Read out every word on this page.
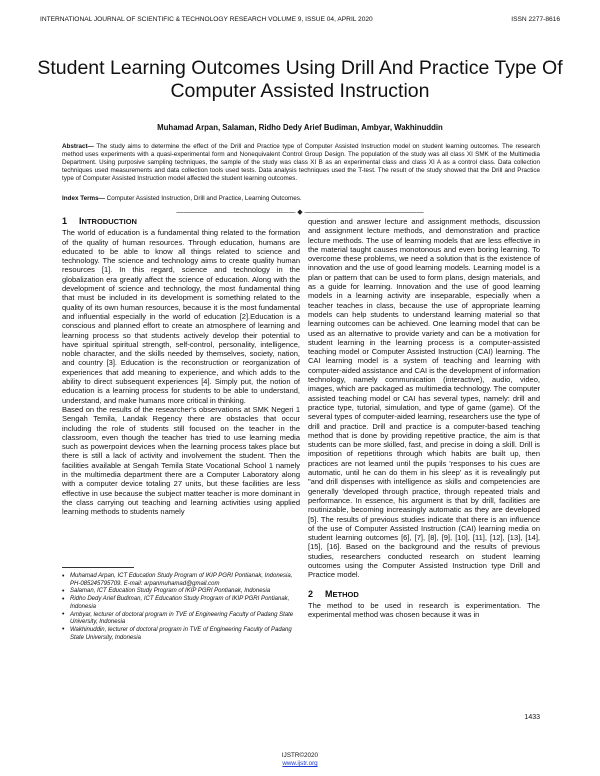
INTERNATIONAL JOURNAL OF SCIENTIFIC & TECHNOLOGY RESEARCH VOLUME 9, ISSUE 04, APRIL 2020	ISSN 2277-8616
Student Learning Outcomes Using Drill And Practice Type Of Computer Assisted Instruction
Muhamad Arpan, Salaman, Ridho Dedy Arief Budiman, Ambyar, Wakhinuddin
Abstract— The study aims to determine the effect of the Drill and Practice type of Computer Assisted Instruction model on student learning outcomes. The research method uses experiments with a quasi-experimental form and Nonequivalent Control Group Design. The population of the study was all class XI SMK of the Multimedia Department. Using purposive sampling techniques, the sample of the study was class XI B as an experimental class and class XI A as a control class. Data collection techniques used measurements and data collection tools used tests. Data analysis techniques used the T-test. The result of the study showed that the Drill and Practice type of Computer Assisted Instruction model affected the student learning outcomes.
Index Terms— Computer Assisted Instruction, Drill and Practice, Learning Outcomes.
————————————————— ◆ —————————————————
1 INTRODUCTION

The world of education is a fundamental thing related to the formation of the quality of human resources. Through education, humans are educated to be able to know all things related to science and technology. The science and technology aims to create quality human resources [1]. In this regard, science and technology in the globalization era greatly affect the science of education. Along with the development of science and technology, the most fundamental thing that must be included in its development is something related to the quality of its own human resources, because it is the most fundamental and influential especially in the world of education [2].Education is a conscious and planned effort to create an atmosphere of learning and learning process so that students actively develop their potential to have spiritual spiritual strength, self-control, personality, intelligence, noble character, and the skills needed by themselves, society, nation, and country [3]. Education is the reconstruction or reorganization of experiences that add meaning to experience, and which adds to the ability to direct subsequent experiences [4]. Simply put, the notion of education is a learning process for students to be able to understand, understand, and make humans more critical in thinking.

Based on the results of the researcher's observations at SMK Negeri 1 Sengah Temila, Landak Regency there are obstacles that occur including the role of students still focused on the teacher in the classroom, even though the teacher has tried to use learning media such as powerpoint devices when the learning process takes place but there is still a lack of activity and involvement the student. Then the facilities available at Sengah Temila State Vocational School 1 namely in the multimedia department there are a Computer Laboratory along with a computer device totaling 27 units, but these facilities are less effective in use because the subject matter teacher is more dominant in the class carrying out teaching and learning activities using applied learning methods to students namely

• Muhamad Arpan, ICT Education Study Program of IKIP PGRI Pontianak, Indonesia, PH-085245795709. E-mail: arpanmuhamad@gmail.com
• Salaman, ICT Education Study Program of IKIP PGRI Pontianak, Indonesia
• Ridho Dedy Arief Budiman, ICT Education Study Program of IKIP PGRI Pontianak, Indonesia
• Ambyar, lecturer of doctoral program in TVE of Engineering Faculty of Padang State University, Indonesia
• Wakhinuddin, lecturer of doctoral program in TVE of Engineering Faculty of Padang State University, Indonesia

question and answer lecture and assignment methods, discussion and assignment lecture methods, and demonstration and practice lecture methods. The use of learning models that are less effective in the material taught causes monotonous and even boring learning. To overcome these problems, we need a solution that is the existence of innovation and the use of good learning models. Learning model is a plan or pattern that can be used to form plans, design materials, and as a guide for learning. Innovation and the use of good learning models in a learning activity are inseparable, especially when a teacher teaches in class, because the use of appropriate learning models can help students to understand learning material so that learning outcomes can be achieved. One learning model that can be used as an alternative to provide variety and can be a motivation for student learning in the learning process is a computer-assisted teaching model or Computer Assisted Instruction (CAI) learning. The CAI learning model is a system of teaching and learning with computer-aided assistance and CAI is the development of information technology, namely communication (interactive), audio, video, images, which are packaged as multimedia technology. The computer assisted teaching model or CAI has several types, namely: drill and practice type, tutorial, simulation, and type of game (game). Of the several types of computer-aided learning, researchers use the type of drill and practice. Drill and practice is a computer-based teaching method that is done by providing repetitive practice, the aim is that students can be more skilled, fast, and precise in doing a skill. Drill is imposition of repetitions through which habits are built up, then practices are not learned until the pupils 'responses to his cues are automatic, until he can do them in his sleep' as it is revealingly put "and drill dispenses with intelligence as skills and competencies are generally 'developed through practice, through repeated trials and performance. In essence, his argument is that by drill, facilities are routinizable, becoming increasingly automatic as they are developed [5]. The results of previous studies indicate that there is an influence of the use of Computer Assisted Instruction (CAI) learning media on student learning outcomes [6], [7], [8], [9], [10], [11], [12], [13], [14], [15], [16]. Based on the background and the results of previous studies, researchers conducted research on student learning outcomes using the Computer Assisted Instruction type Drill and Practice model.

2 METHOD

The method to be used in research is experimentation. The experimental method was chosen because it was in

1433
IJSTR©2020
www.ijstr.org
